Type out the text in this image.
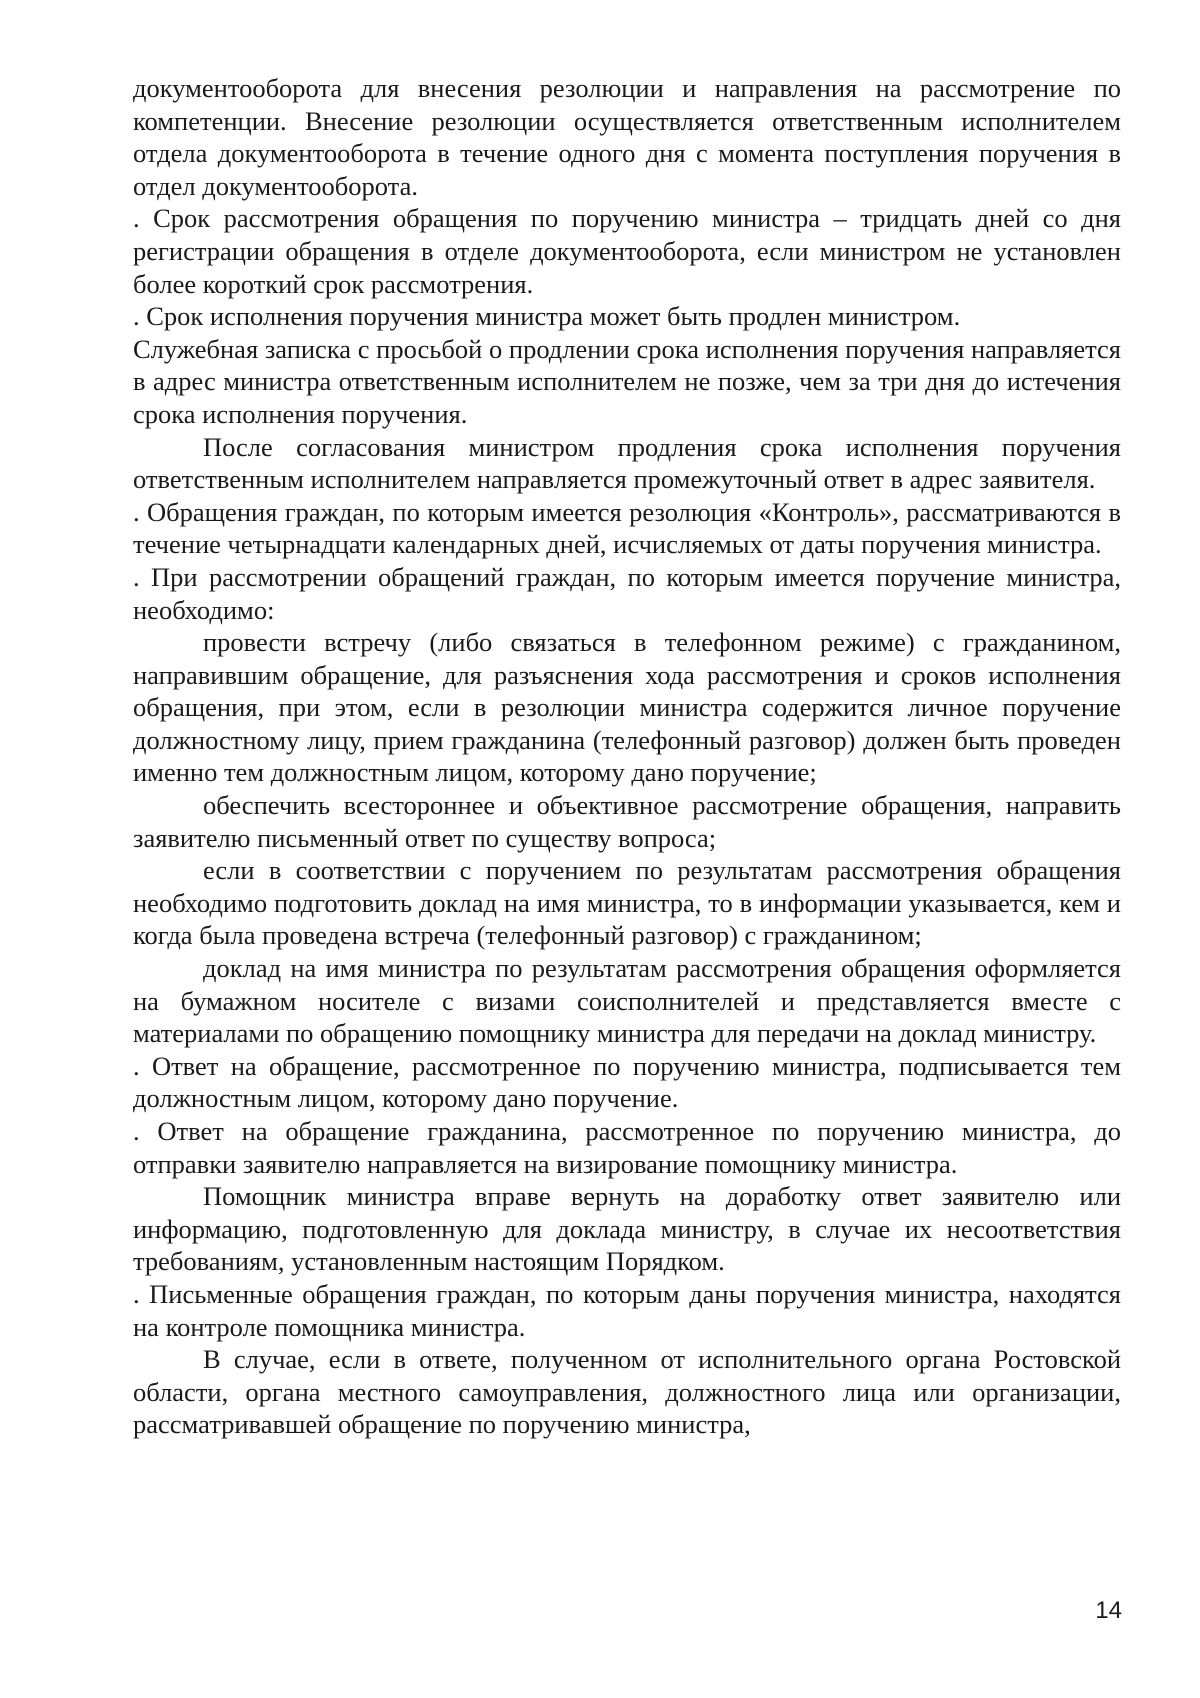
документооборота для внесения резолюции и направления на рассмотрение по компетенции. Внесение резолюции осуществляется ответственным исполнителем отдела документооборота в течение одного дня с момента поступления поручения в отдел документооборота.

. Срок рассмотрения обращения по поручению министра – тридцать дней со дня регистрации обращения в отделе документооборота, если министром не установлен более короткий срок рассмотрения.

. Срок исполнения поручения министра может быть продлен министром.

Служебная записка с просьбой о продлении срока исполнения поручения направляется в адрес министра ответственным исполнителем не позже, чем за три дня до истечения срока исполнения поручения.

После согласования министром продления срока исполнения поручения ответственным исполнителем направляется промежуточный ответ в адрес заявителя.

. Обращения граждан, по которым имеется резолюция «Контроль», рассматриваются в течение четырнадцати календарных дней, исчисляемых от даты поручения министра.

. При рассмотрении обращений граждан, по которым имеется поручение министра, необходимо:

провести встречу (либо связаться в телефонном режиме) с гражданином, направившим обращение, для разъяснения хода рассмотрения и сроков исполнения обращения, при этом, если в резолюции министра содержится личное поручение должностному лицу, прием гражданина (телефонный разговор) должен быть проведен именно тем должностным лицом, которому дано поручение;

обеспечить всестороннее и объективное рассмотрение обращения, направить заявителю письменный ответ по существу вопроса;

если в соответствии с поручением по результатам рассмотрения обращения необходимо подготовить доклад на имя министра, то в информации указывается, кем и когда была проведена встреча (телефонный разговор) с гражданином;

доклад на имя министра по результатам рассмотрения обращения оформляется на бумажном носителе с визами соисполнителей и представляется вместе с материалами по обращению помощнику министра для передачи на доклад министру.

. Ответ на обращение, рассмотренное по поручению министра, подписывается тем должностным лицом, которому дано поручение.

. Ответ на обращение гражданина, рассмотренное по поручению министра, до отправки заявителю направляется на визирование помощнику министра.

Помощник министра вправе вернуть на доработку ответ заявителю или информацию, подготовленную для доклада министру, в случае их несоответствия требованиям, установленным настоящим Порядком.

. Письменные обращения граждан, по которым даны поручения министра, находятся на контроле помощника министра.

В случае, если в ответе, полученном от исполнительного органа Ростовской области, органа местного самоуправления, должностного лица или организации, рассматривавшей обращение по поручению министра,

14
